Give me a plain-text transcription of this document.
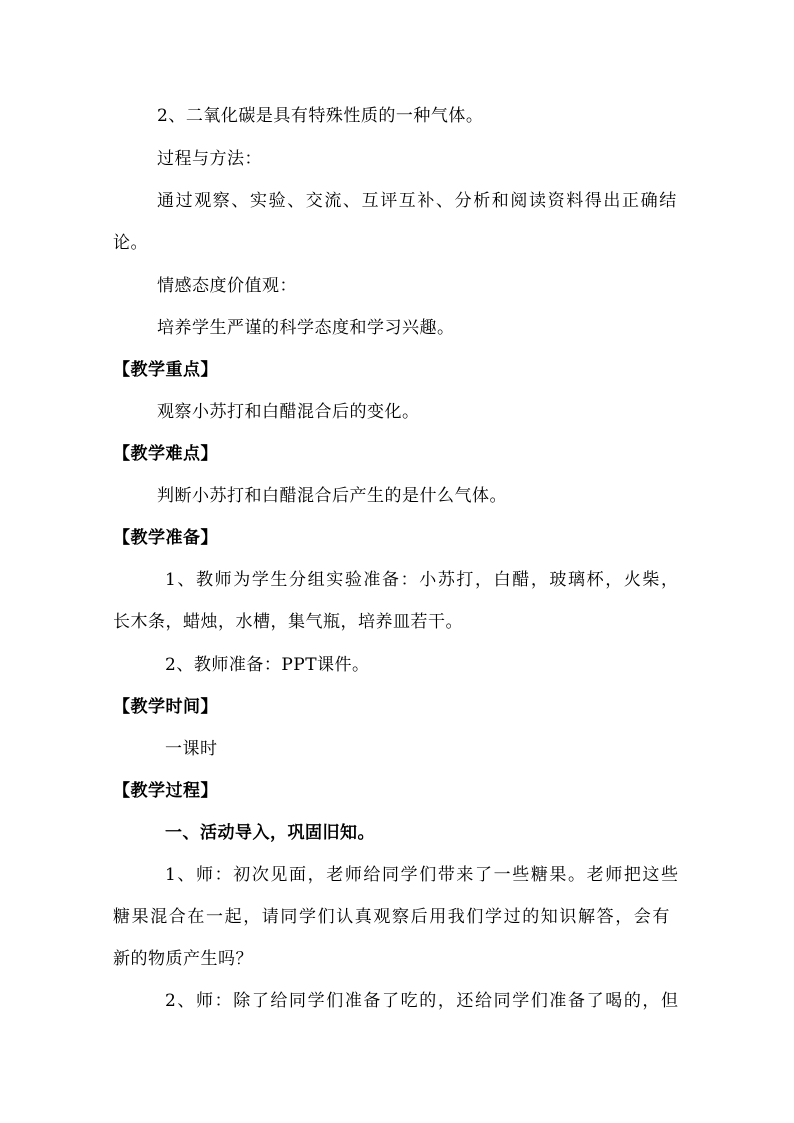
2、二氧化碳是具有特殊性质的一种气体。
过程与方法：
通过观察、实验、交流、互评互补、分析和阅读资料得出正确结
论。
情感态度价值观：
培养学生严谨的科学态度和学习兴趣。
【教学重点】
观察小苏打和白醋混合后的变化。
【教学难点】
判断小苏打和白醋混合后产生的是什么气体。
【教学准备】
1、教师为学生分组实验准备：小苏打，白醋，玻璃杯，火柴，
长木条，蜡烛，水槽，集气瓶，培养皿若干。
2、教师准备：PPT课件。
【教学时间】
一课时
【教学过程】
一、活动导入，巩固旧知。
1、师：初次见面，老师给同学们带来了一些糖果。老师把这些
糖果混合在一起，请同学们认真观察后用我们学过的知识解答，会有
新的物质产生吗？
2、师：除了给同学们准备了吃的，还给同学们准备了喝的，但
